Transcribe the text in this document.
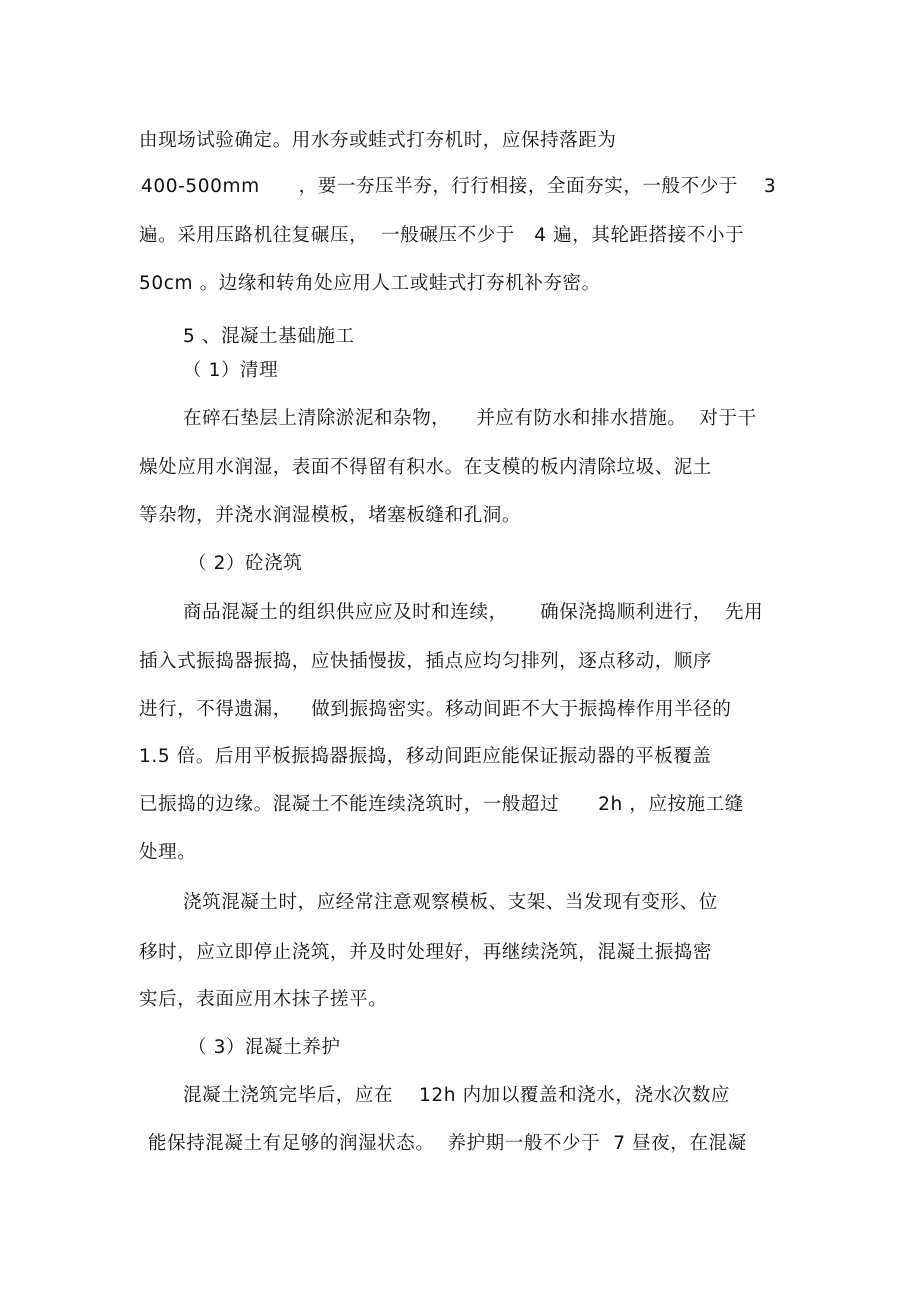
由现场试验确定。用水夯或蛙式打夯机时，应保持落距为
400-500mm      ，要一夯压半夯，行行相接，全面夯实，一般不少于    3
遍。采用压路机往复碾压，  一般碾压不少于   4 遍，其轮距搭接不小于
50cm 。边缘和转角处应用人工或蛙式打夯机补夯密。
5 、混凝土基础施工
（ 1）清理
在碎石垫层上清除淤泥和杂物，    并应有防水和排水措施。  对于干
燥处应用水润湿，表面不得留有积水。在支模的板内清除垃圾、泥土
等杂物，并浇水润湿模板，堵塞板缝和孔洞。
（ 2）砼浇筑
商品混凝土的组织供应应及时和连续，     确保浇捣顺利进行，  先用
插入式振捣器振捣，应快插慢拔，插点应均匀排列，逐点移动，顺序
进行，不得遗漏，   做到振捣密实。移动间距不大于振捣棒作用半径的
1.5 倍。后用平板振捣器振捣，移动间距应能保证振动器的平板覆盖
已振捣的边缘。混凝土不能连续浇筑时，一般超过      2h ，应按施工缝
处理。
浇筑混凝土时，应经常注意观察模板、支架、当发现有变形、位
移时，应立即停止浇筑，并及时处理好，再继续浇筑，混凝土振捣密
实后，表面应用木抹子搓平。
（ 3）混凝土养护
混凝土浇筑完毕后，应在    12h 内加以覆盖和浇水，浇水次数应
能保持混凝土有足够的润湿状态。  养护期一般不少于  7 昼夜，在混凝
